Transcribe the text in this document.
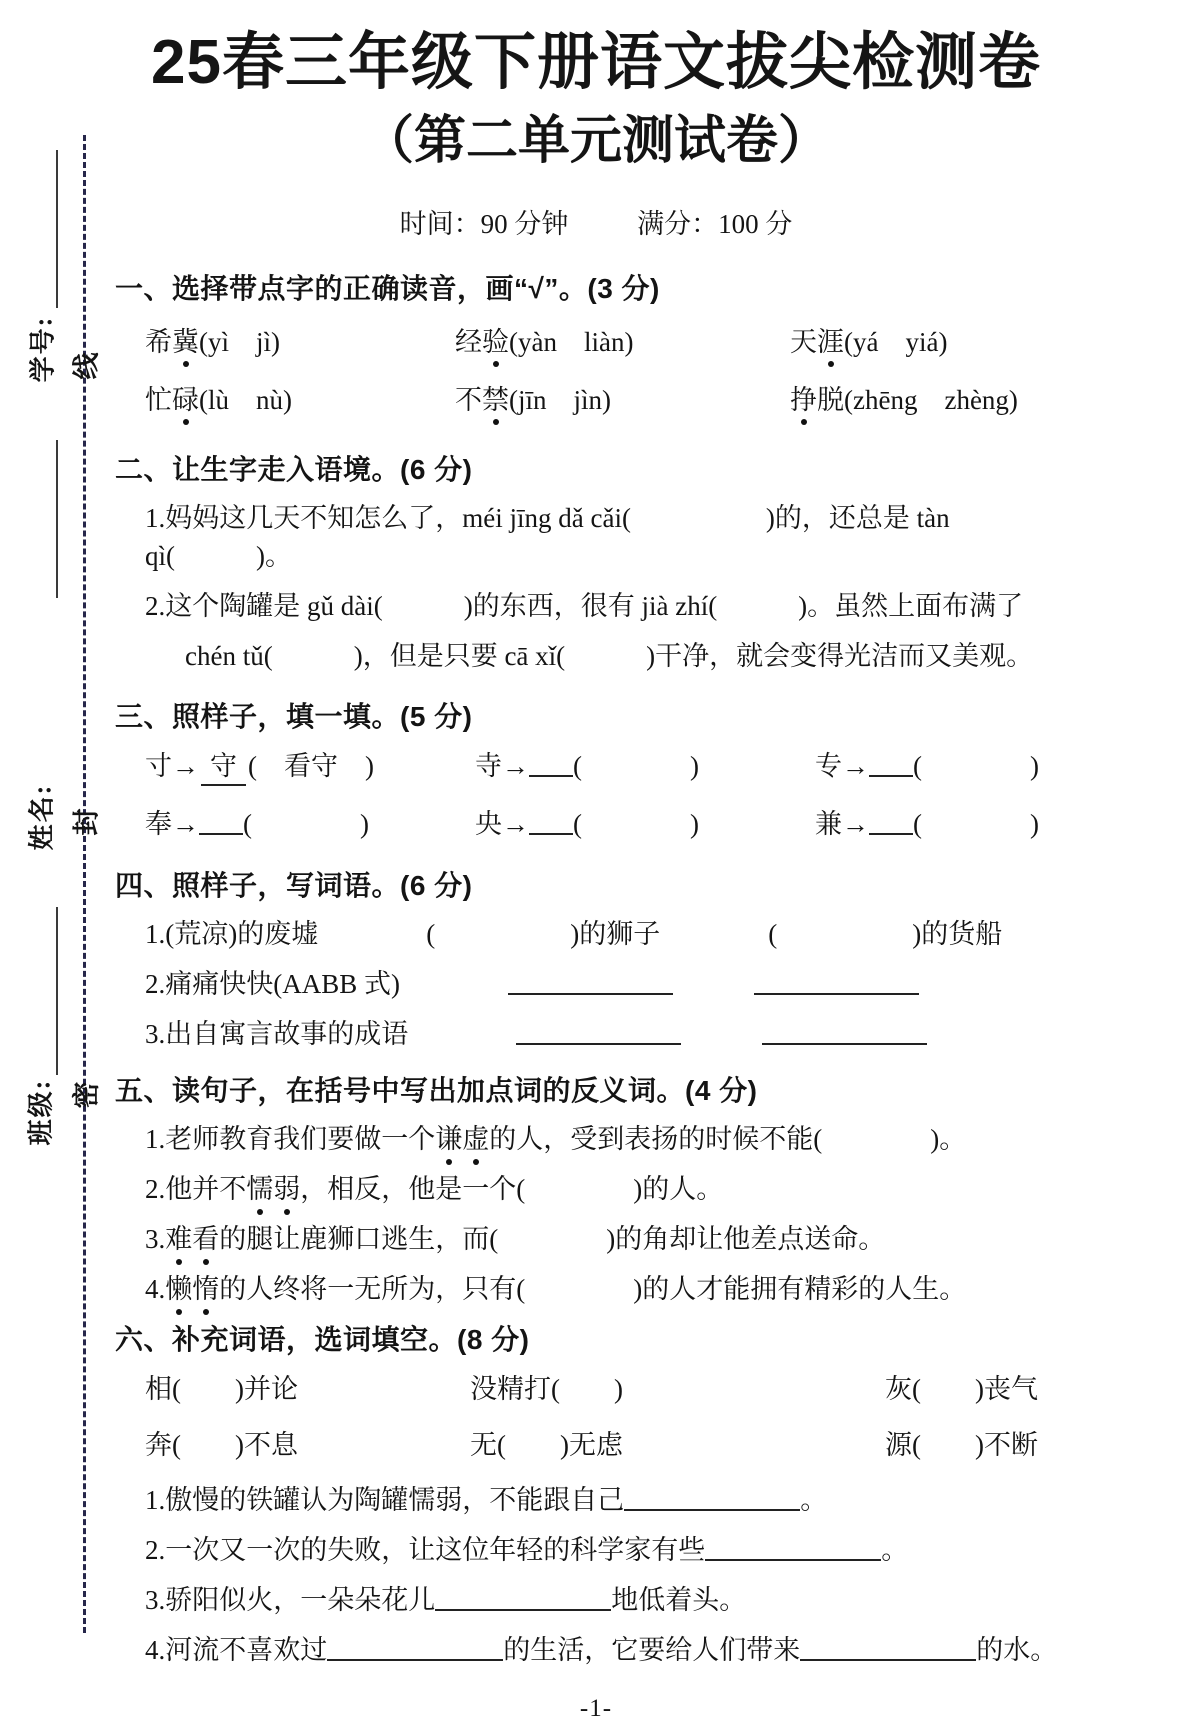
学号:
姓名:
班级:
线
封
密
25春三年级下册语文拔尖检测卷
（第二单元测试卷）
时间：90 分钟	满分：100 分
一、选择带点字的正确读音，画“√”。(3 分)
希冀(yì　jì)	经验(yàn　liàn)	天涯(yá　yiá)
忙碌(lù　nù)	不禁(jīn　jìn)	挣脱(zhēng　zhèng)
二、让生字走入语境。(6 分)
1.妈妈这几天不知怎么了，méi jīng dǎ cǎi(　　　　　)的，还总是 tàn qì(　　　)。
2.这个陶罐是 gǔ dài(　　　)的东西，很有 jià zhí(　　　)。虽然上面布满了
chén tǔ(　　　)，但是只要 cā xǐ(　　　)干净，就会变得光洁而又美观。
三、照样子，填一填。(5 分)
寸→ 守 (　看守　)	寺→ (　　　　)	专→ (　　　　)
奉→ (　　　　)	央→ (　　　　)	兼→ (　　　　)
四、照样子，写词语。(6 分)
1.(荒凉)的废墟　　　　(　　　　　)的狮子　　　　(　　　　　)的货船
2.痛痛快快(AABB 式)　　　　　　　
3.出自寓言故事的成语　　　　　　　
五、读句子，在括号中写出加点词的反义词。(4 分)
1.老师教育我们要做一个谦虚的人，受到表扬的时候不能(　　　　)。
2.他并不懦弱，相反，他是一个(　　　　)的人。
3.难看的腿让鹿狮口逃生，而(　　　　)的角却让他差点送命。
4.懒惰的人终将一无所为，只有(　　　　)的人才能拥有精彩的人生。
六、补充词语，选词填空。(8 分)
相(　　)并论	没精打(　　)	灰(　　)丧气
奔(　　)不息	无(　　)无虑	源(　　)不断
1.傲慢的铁罐认为陶罐懦弱，不能跟自己	。
2.一次又一次的失败，让这位年轻的科学家有些	。
3.骄阳似火，一朵朵花儿	地低着头。
4.河流不喜欢过	的生活，它要给人们带来	的水。
-1-
